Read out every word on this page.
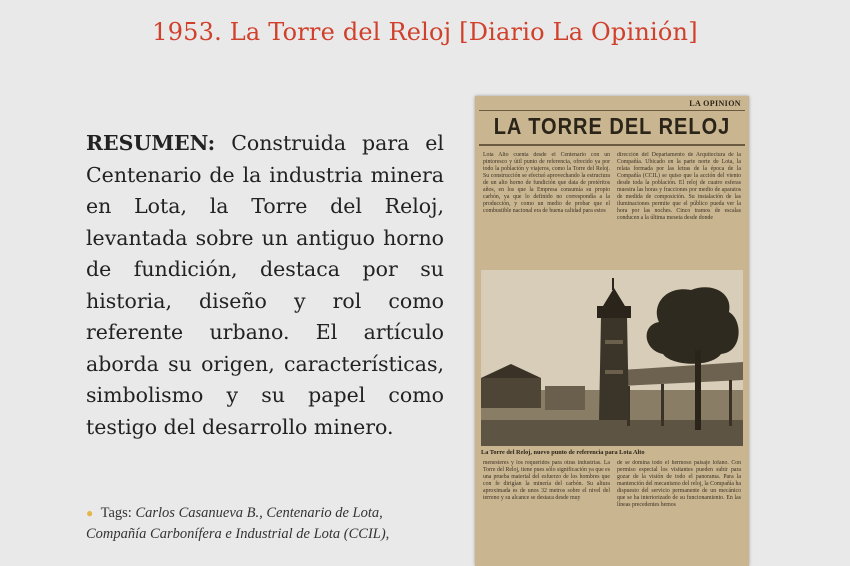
1953. La Torre del Reloj [Diario La Opinión]
RESUMEN: Construida para el Centenario de la industria minera en Lota, la Torre del Reloj, levantada sobre un antiguo horno de fundición, destaca por su historia, diseño y rol como referente urbano. El artículo aborda su origen, características, simbolismo y su papel como testigo del desarrollo minero.
● Tags: Carlos Casanueva B., Centenario de Lota, Compañía Carbonífera e Industrial de Lota (CCIL),
LA OPINION
LA TORRE DEL RELOJ
Lota Alto cuenta desde el Centenario con un pintoresco y útil punto de referencia, ofrecido ya por todo la población y viajeros, como la Torre del Reloj. Su construcción se efectuó aprovechando la estructura de un alto horno de fundición que data de pretéritos años, en los que la Empresa consumía su propio carbón, ya que lo definido no correspondía a la producción, y como un medio de probar que el combustible nacional era de buena calidad para estos
dirección del Departamento de Arquitectura de la Compañía. Ubicado en la parte norte de Lota, la relata formada por las letras de la época de la Compañía (CCIL) se quiso que la acción del viento desde toda la población. El reloj de cuatro esferas muestra las horas y fracciones por medio de aparatos de medida de composición. Su instalación de las iluminaciones permite que el público pueda ver la hora por las noches. Cinco tramos de escalas conducen a la última meseta desde donde
La Torre del Reloj, nuevo punto de referencia para Lota Alto
menesteres y los requeridos para otras industrias. La Torre del Reloj, tiene pues sólo significación ya que es una prueba material del esfuerzo de los hombres que con fe dirigían la minería del carbón. Su altura aproximada es de unos 32 metros sobre el nivel del terreno y su alcance se destaca desde muy
de se domina todo el hermoso paisaje lofano. Con permiso especial los visitantes pueden subir para gozar de la visión de todo el panorama. Para la mantención del mecanismo del reloj, la Compañía ha dispuesto del servicio permanente de un mecánico que se ha interiorizado de su funcionamiento. En las líneas precedentes hemos
